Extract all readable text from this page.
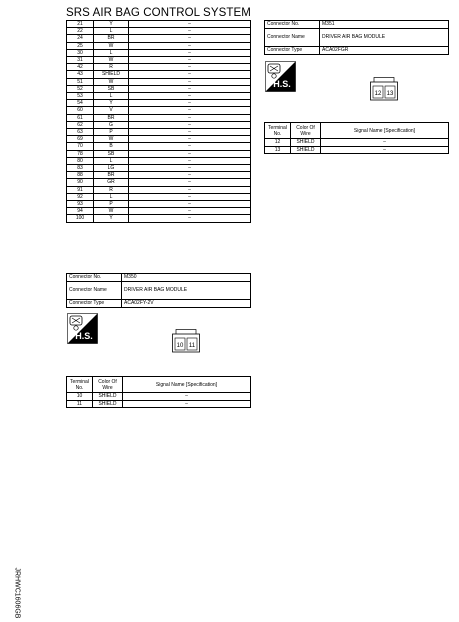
SRS AIR BAG CONTROL SYSTEM
21	Y	–
22	L	–
24	BR	–
25	W	–
30	L	–
31	W	–
42	R	–
43	SHIELD	–
51	W	–
52	SB	–
53	L	–
54	Y	–
60	V	–
61	BR	–
62	G	–
63	P	–
69	W	–
70	B	–
78	SB	–
80	L	–
83	LG	–
88	BR	–
90	GR	–
91	R	–
92	L	–
93	P	–
94	W	–
100	Y	–
Connector No.	M351
Connector Name	DRIVER AIR BAG MODULE
Connector Type	ACA02FGR
H.S.
12 13
Terminal No.	Color Of Wire	Signal Name [Specification]
12	SHIELD	–
13	SHIELD	–
Connector No.	M350
Connector Name	DRIVER AIR BAG MODULE
Connector Type	ACA02FY-2V
H.S.
10 11
Terminal No.	Color Of Wire	Signal Name [Specification]
10	SHIELD	–
11	SHIELD	–
JRHWC1606GB
